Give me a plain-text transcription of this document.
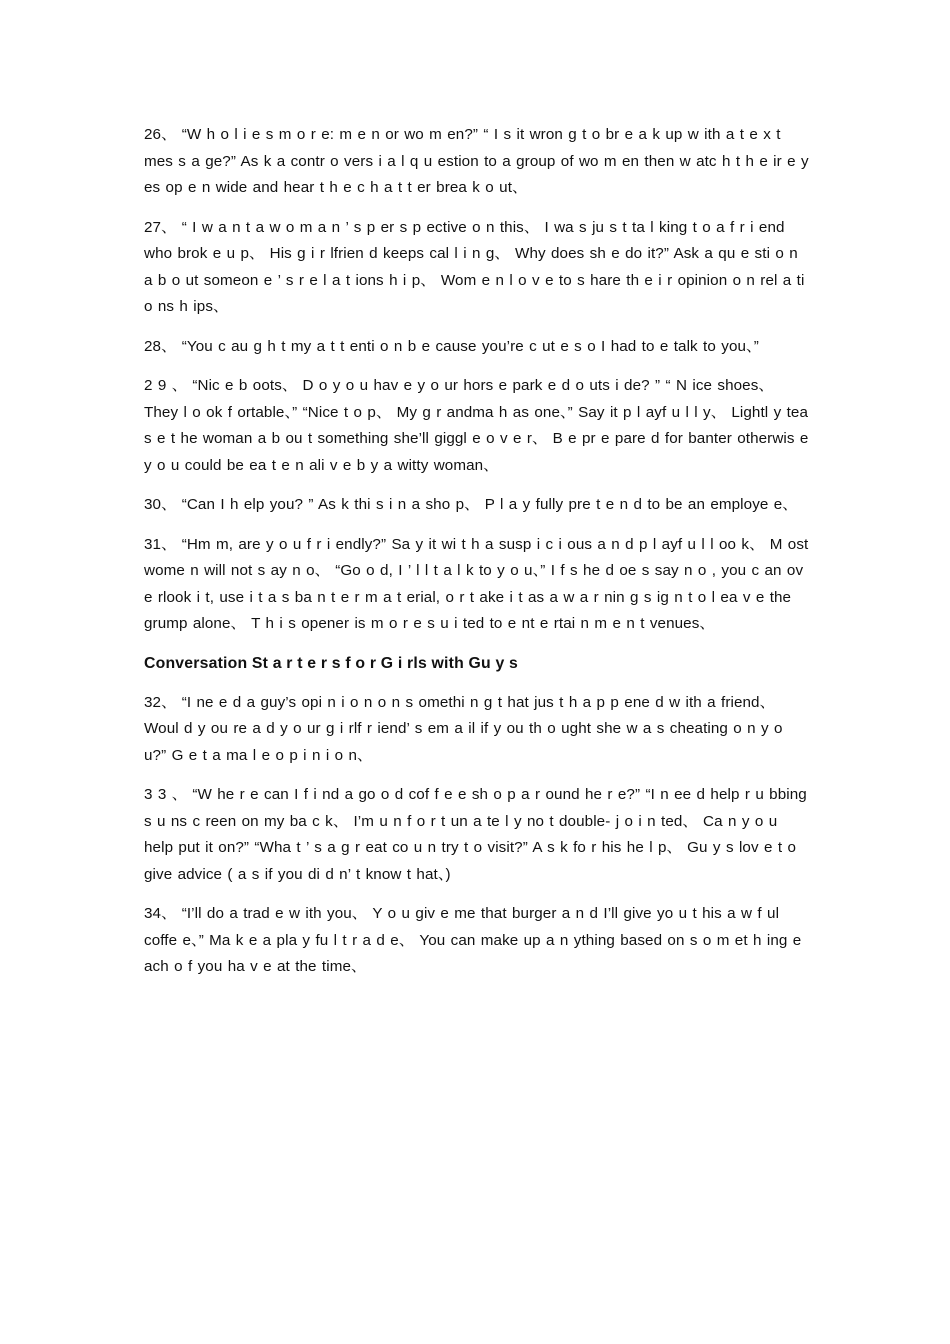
26、 “W h o l i e s m o r e: m e n or wo m en?” “ I s it wron g t o br e a k up w ith a t e x t mes s a ge?” As k a contr o vers i a l q u estion to a group of wo m en then w atc h t h e ir e y es op e n wide and hear t h e c h a t t er brea k o ut、

27、 “ I w a n t a w o m a n ’ s p er s p ective o n this、 I wa s ju s t ta l king t o a f r i end who brok e u p、 His g i r lfrien d keeps cal l i n g、 Why does sh e do it?” Ask a qu e sti o n a b o ut someon e ’ s r e l a t ions h i p、 Wom e n l o v e to s hare th e i r opinion o n rel a ti o ns h ips、

28、 “You c au g h t my a t t enti o n b e cause you’re c ut e s o I had to e talk to you、”

2 9 、 “Nic e b oots、 D o y o u hav e y o ur hors e park e d o uts i de? ” “ N ice shoes、 They l o ok f ortable、” “Nice t o p、 My g r andma h as one、” Say it p l ayf u l l y、 Lightl y tea s e t he woman a b ou t something she’ll giggl e o v e r、 B e pr e pare d for banter otherwis e y o u could be ea t e n ali v e b y a witty woman、

30、 “Can I h elp you? ” As k thi s i n a sho p、 P l a y fully pre t e n d to be an employe e、

31、 “Hm m, are y o u f r i endly?” Sa y it wi t h a susp i c i ous a n d p l ayf u l l oo k、 M ost wome n will not s ay n o、 “Go o d, I ’ l l t a l k to y o u、” I f s he d oe s say n o , you c an ov e rlook i t, use i t a s ba n t e r m a t erial, o r t ake i t as a w a r nin g s ig n t o l ea v e the grump alone、 T h i s opener is m o r e s u i ted to e nt e rtai n m e n t venues、

Conversation St a r t e r s f o r G i rls with Gu y s

32、 “I ne e d a guy’s opi n i o n o n s omethi n g t hat jus t h a p p ene d w ith a friend、 Woul d y ou re a d y o ur g i rlf r iend’ s em a il if y ou th o ught she w a s cheating o n y o u?” G e t a ma l e o p i n i o n、

3 3 、 “W he r e can I f i nd a go o d cof f e e sh o p a r ound he r e?” “I n ee d help r u bbing s u ns c reen on my ba c k、 I’m u n f o r t un a te l y no t double- j o i n ted、 Ca n y o u help put it on?” “Wha t ’ s a g r eat co u n try t o visit?” A s k fo r his he l p、 Gu y s lov e t o give advice ( a s if you di d n’ t know t hat、)

34、 “I’ll do a trad e w ith you、 Y o u giv e me that burger a n d I’ll give yo u t his a w f ul coffe e、” Ma k e a pla y fu l t r a d e、 You can make up a n ything based on s o m et h ing e ach o f you ha v e at the time、
